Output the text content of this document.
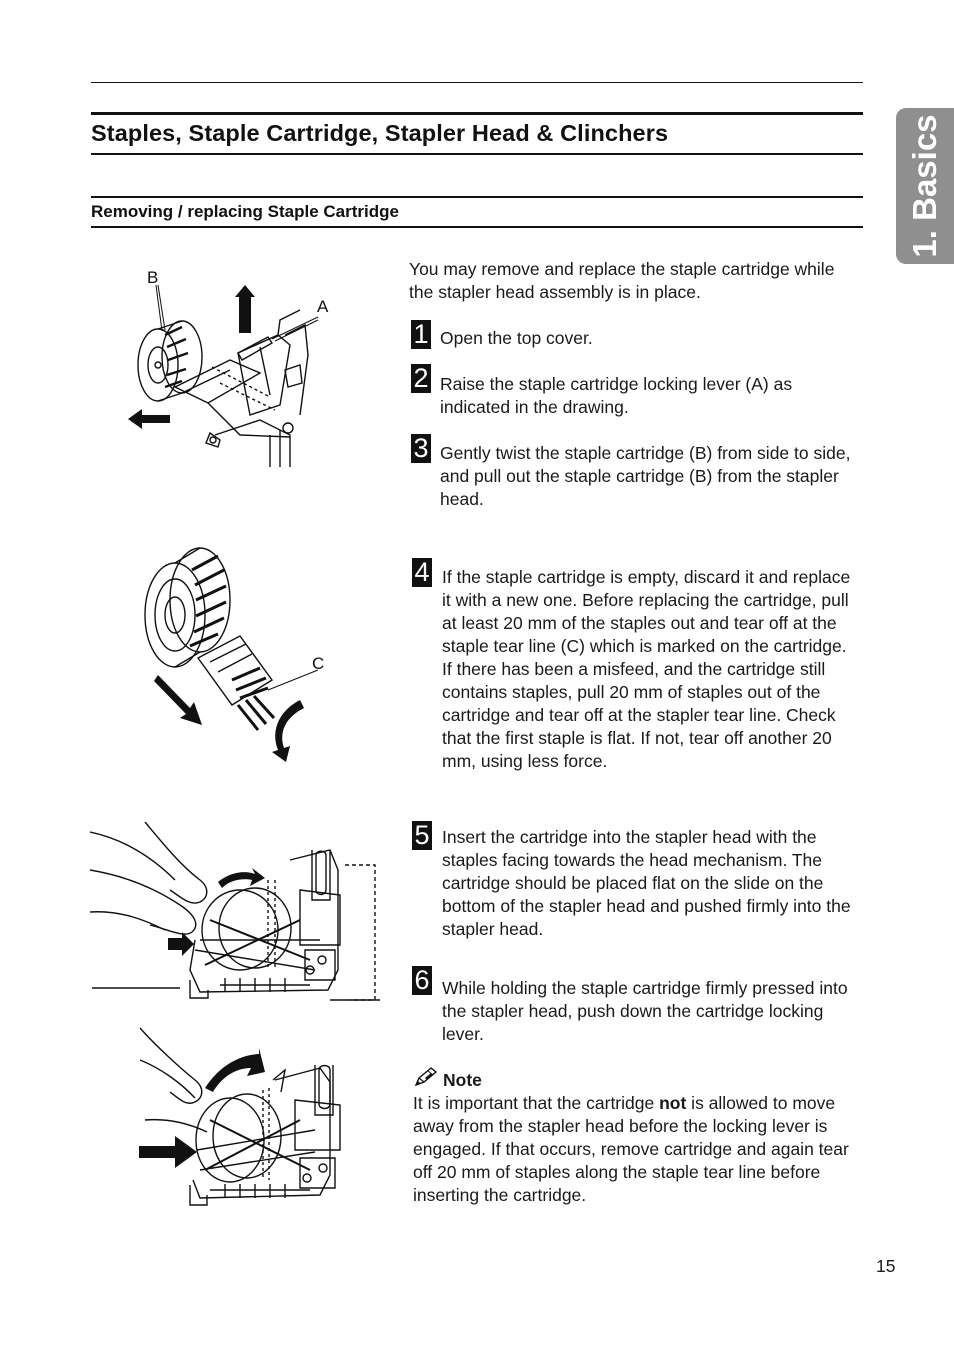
Staples, Staple Cartridge, Stapler Head & Clinchers
Removing / replacing Staple Cartridge	1. Basics
You may remove and replace the staple cartridge while the stapler head assembly is in place.
1 Open the top cover.
2 Raise the staple cartridge locking lever (A) as indicated in the drawing.
3 Gently twist the staple cartridge (B) from side to side, and pull out the staple cartridge (B) from the stapler head.
4 If the staple cartridge is empty, discard it and replace it with a new one. Before replacing the cartridge, pull at least 20 mm of the staples out and tear off at the staple tear line (C) which is marked on the cartridge. If there has been a misfeed, and the cartridge still contains staples, pull 20 mm of staples out of the cartridge and tear off at the stapler tear line. Check that the first staple is flat. If not, tear off another 20 mm, using less force.
5 Insert the cartridge into the stapler head with the staples facing towards the head mechanism. The cartridge should be placed flat on the slide on the bottom of the stapler head and pushed firmly into the stapler head.
6 While holding the staple cartridge firmly pressed into the stapler head, push down the cartridge locking lever.
Note
It is important that the cartridge not is allowed to move away from the stapler head before the locking lever is engaged. If that occurs, remove cartridge and again tear off 20 mm of staples along the staple tear line before inserting the cartridge.
15
B
A
C
